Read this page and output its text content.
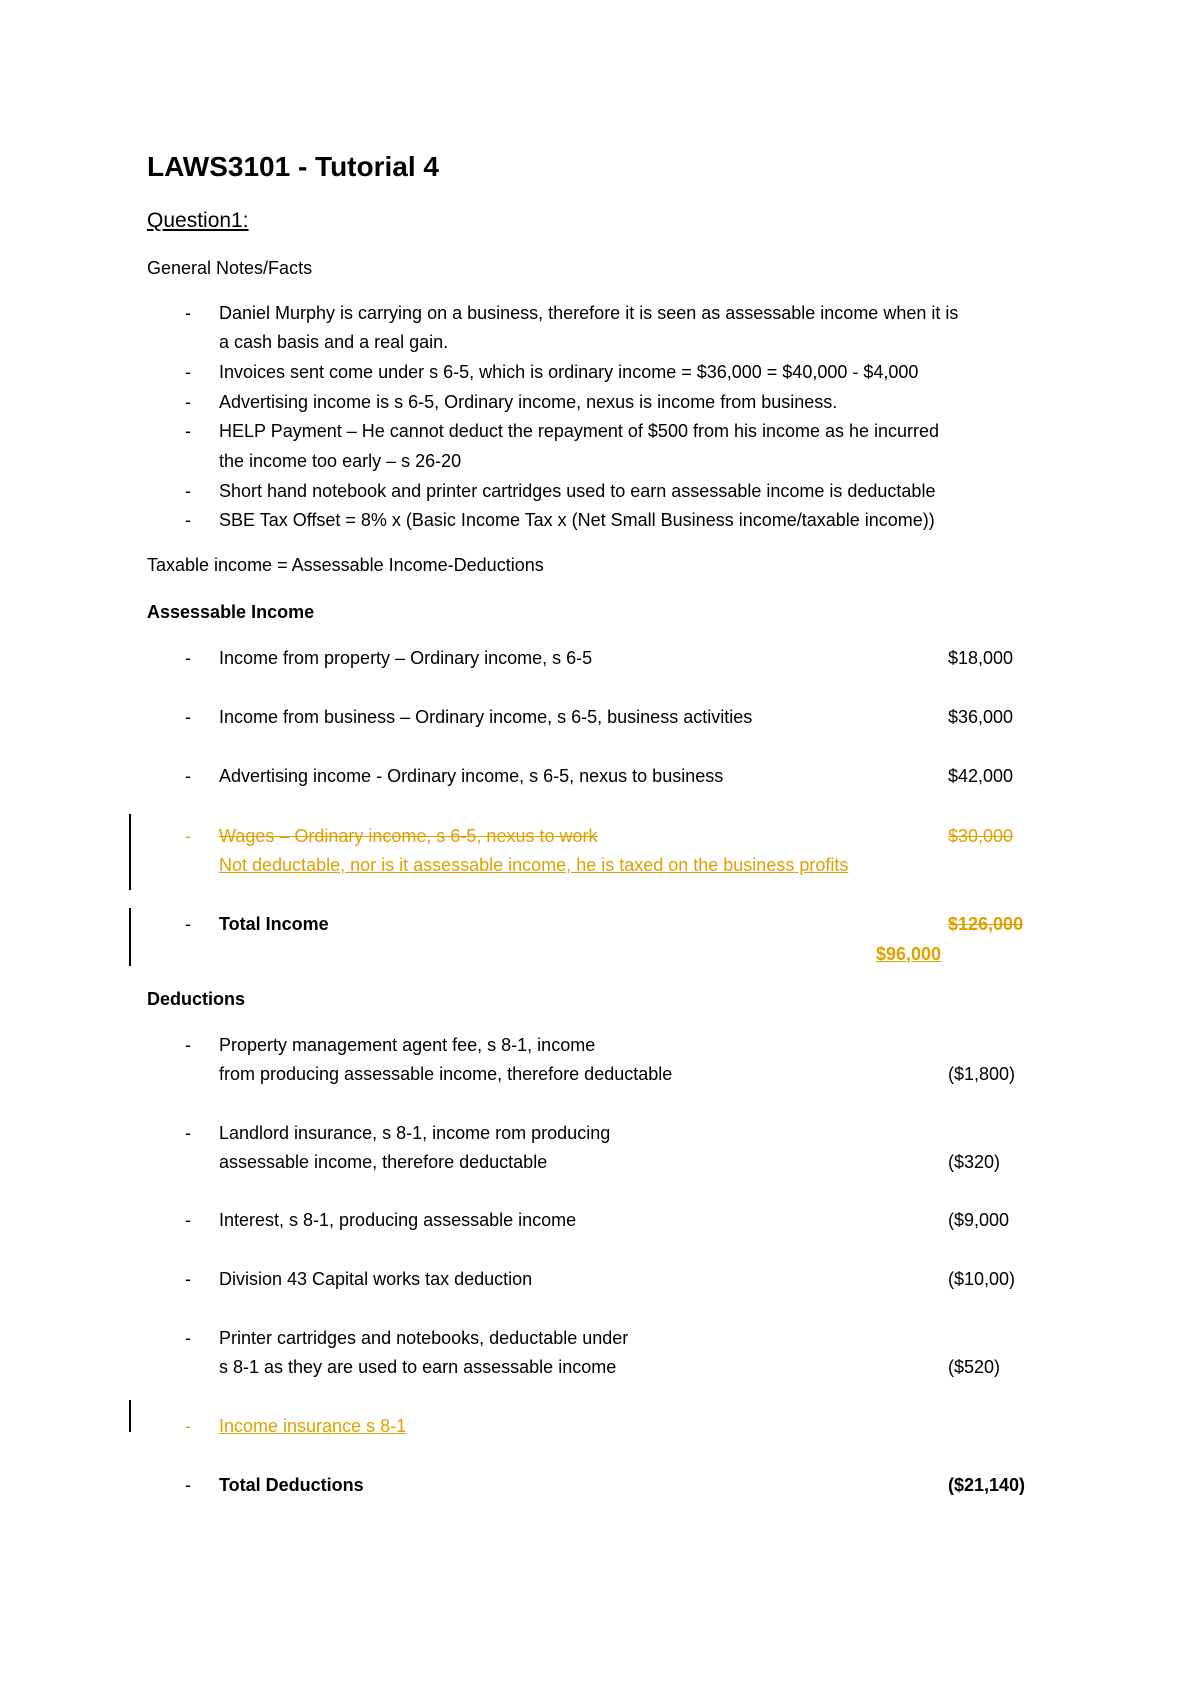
LAWS3101 - Tutorial 4
Question1:
General Notes/Facts
-	Daniel Murphy is carrying on a business, therefore it is seen as assessable income when it is
a cash basis and a real gain.
-	Invoices sent come under s 6-5, which is ordinary income = $36,000 = $40,000 - $4,000
-	Advertising income is s 6-5, Ordinary income, nexus is income from business.
-	HELP Payment – He cannot deduct the repayment of $500 from his income as he incurred
the income too early – s 26-20
-	Short hand notebook and printer cartridges used to earn assessable income is deductable
-	SBE Tax Offset = 8% x (Basic Income Tax x (Net Small Business income/taxable income))
Taxable income = Assessable Income-Deductions
Assessable Income
-	Income from property – Ordinary income, s 6-5	$18,000
-	Income from business – Ordinary income, s 6-5, business activities	$36,000
-	Advertising income - Ordinary income, s 6-5, nexus to business	$42,000
-	Wages – Ordinary income, s 6-5, nexus to work	$30,000
Not deductable, nor is it assessable income, he is taxed on the business profits
-	Total Income	$126,000
$96,000
Deductions
-	Property management agent fee, s 8-1, income
from producing assessable income, therefore deductable	($1,800)
-	Landlord insurance, s 8-1, income rom producing
assessable income, therefore deductable	($320)
-	Interest, s 8-1, producing assessable income	($9,000
-	Division 43 Capital works tax deduction	($10,00)
-	Printer cartridges and notebooks, deductable under
s 8-1 as they are used to earn assessable income	($520)
-	Income insurance s 8-1
-	Total Deductions	($21,140)
